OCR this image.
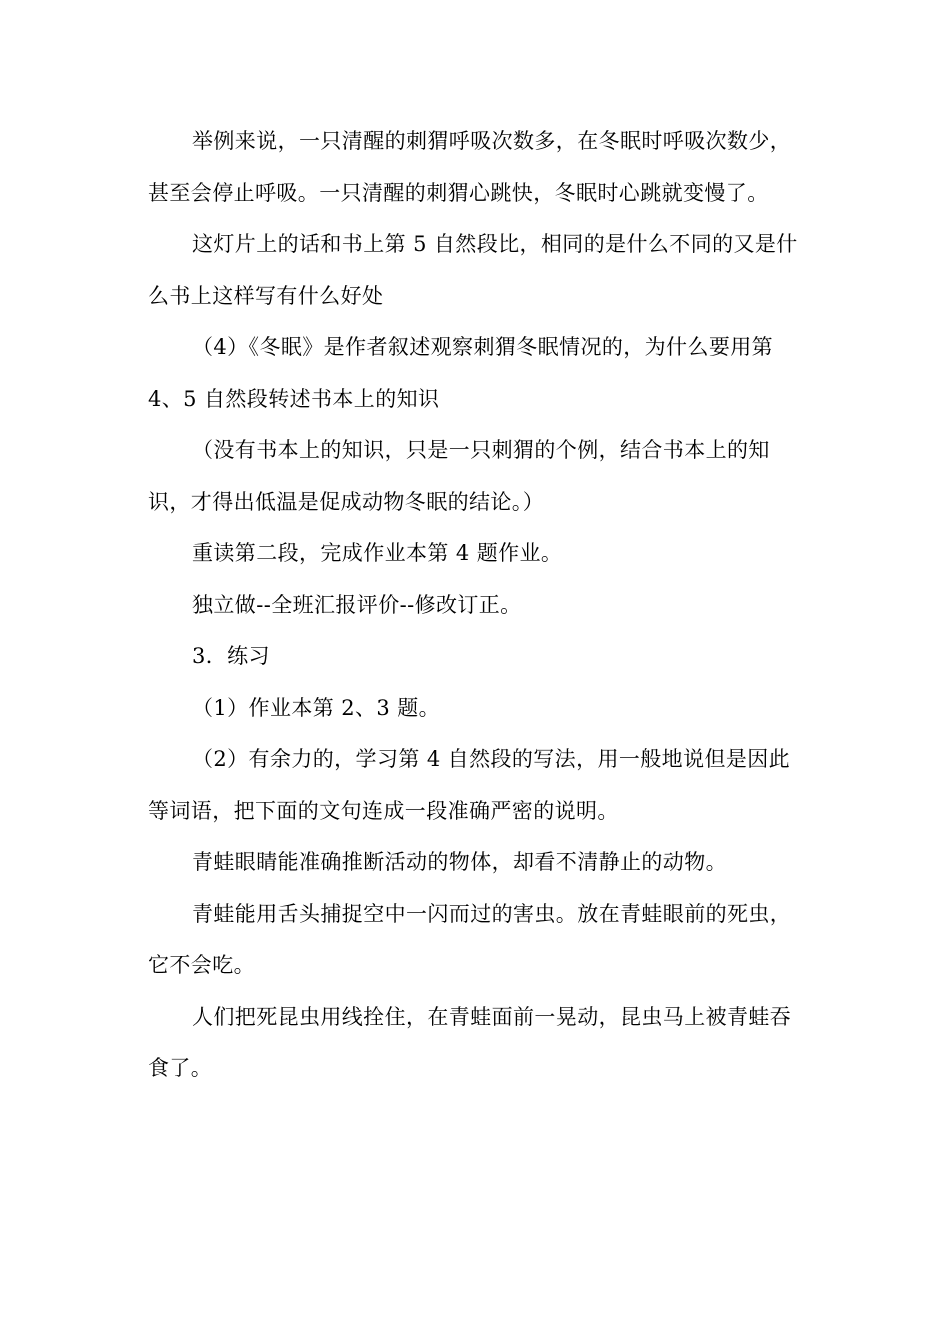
举例来说，一只清醒的刺猬呼吸次数多，在冬眠时呼吸次数少，甚至会停止呼吸。一只清醒的刺猬心跳快，冬眠时心跳就变慢了。

这灯片上的话和书上第 5 自然段比，相同的是什么不同的又是什么书上这样写有什么好处

（4）《冬眠》是作者叙述观察刺猬冬眠情况的，为什么要用第 4、5 自然段转述书本上的知识

（没有书本上的知识，只是一只刺猬的个例，结合书本上的知识，才得出低温是促成动物冬眠的结论。）

重读第二段，完成作业本第 4 题作业。

独立做--全班汇报评价--修改订正。

3．练习

（1）作业本第 2、3 题。

（2）有余力的，学习第 4 自然段的写法，用一般地说但是因此等词语，把下面的文句连成一段准确严密的说明。

青蛙眼睛能准确推断活动的物体，却看不清静止的动物。

青蛙能用舌头捕捉空中一闪而过的害虫。放在青蛙眼前的死虫，它不会吃。

人们把死昆虫用线拴住，在青蛙面前一晃动，昆虫马上被青蛙吞食了。
